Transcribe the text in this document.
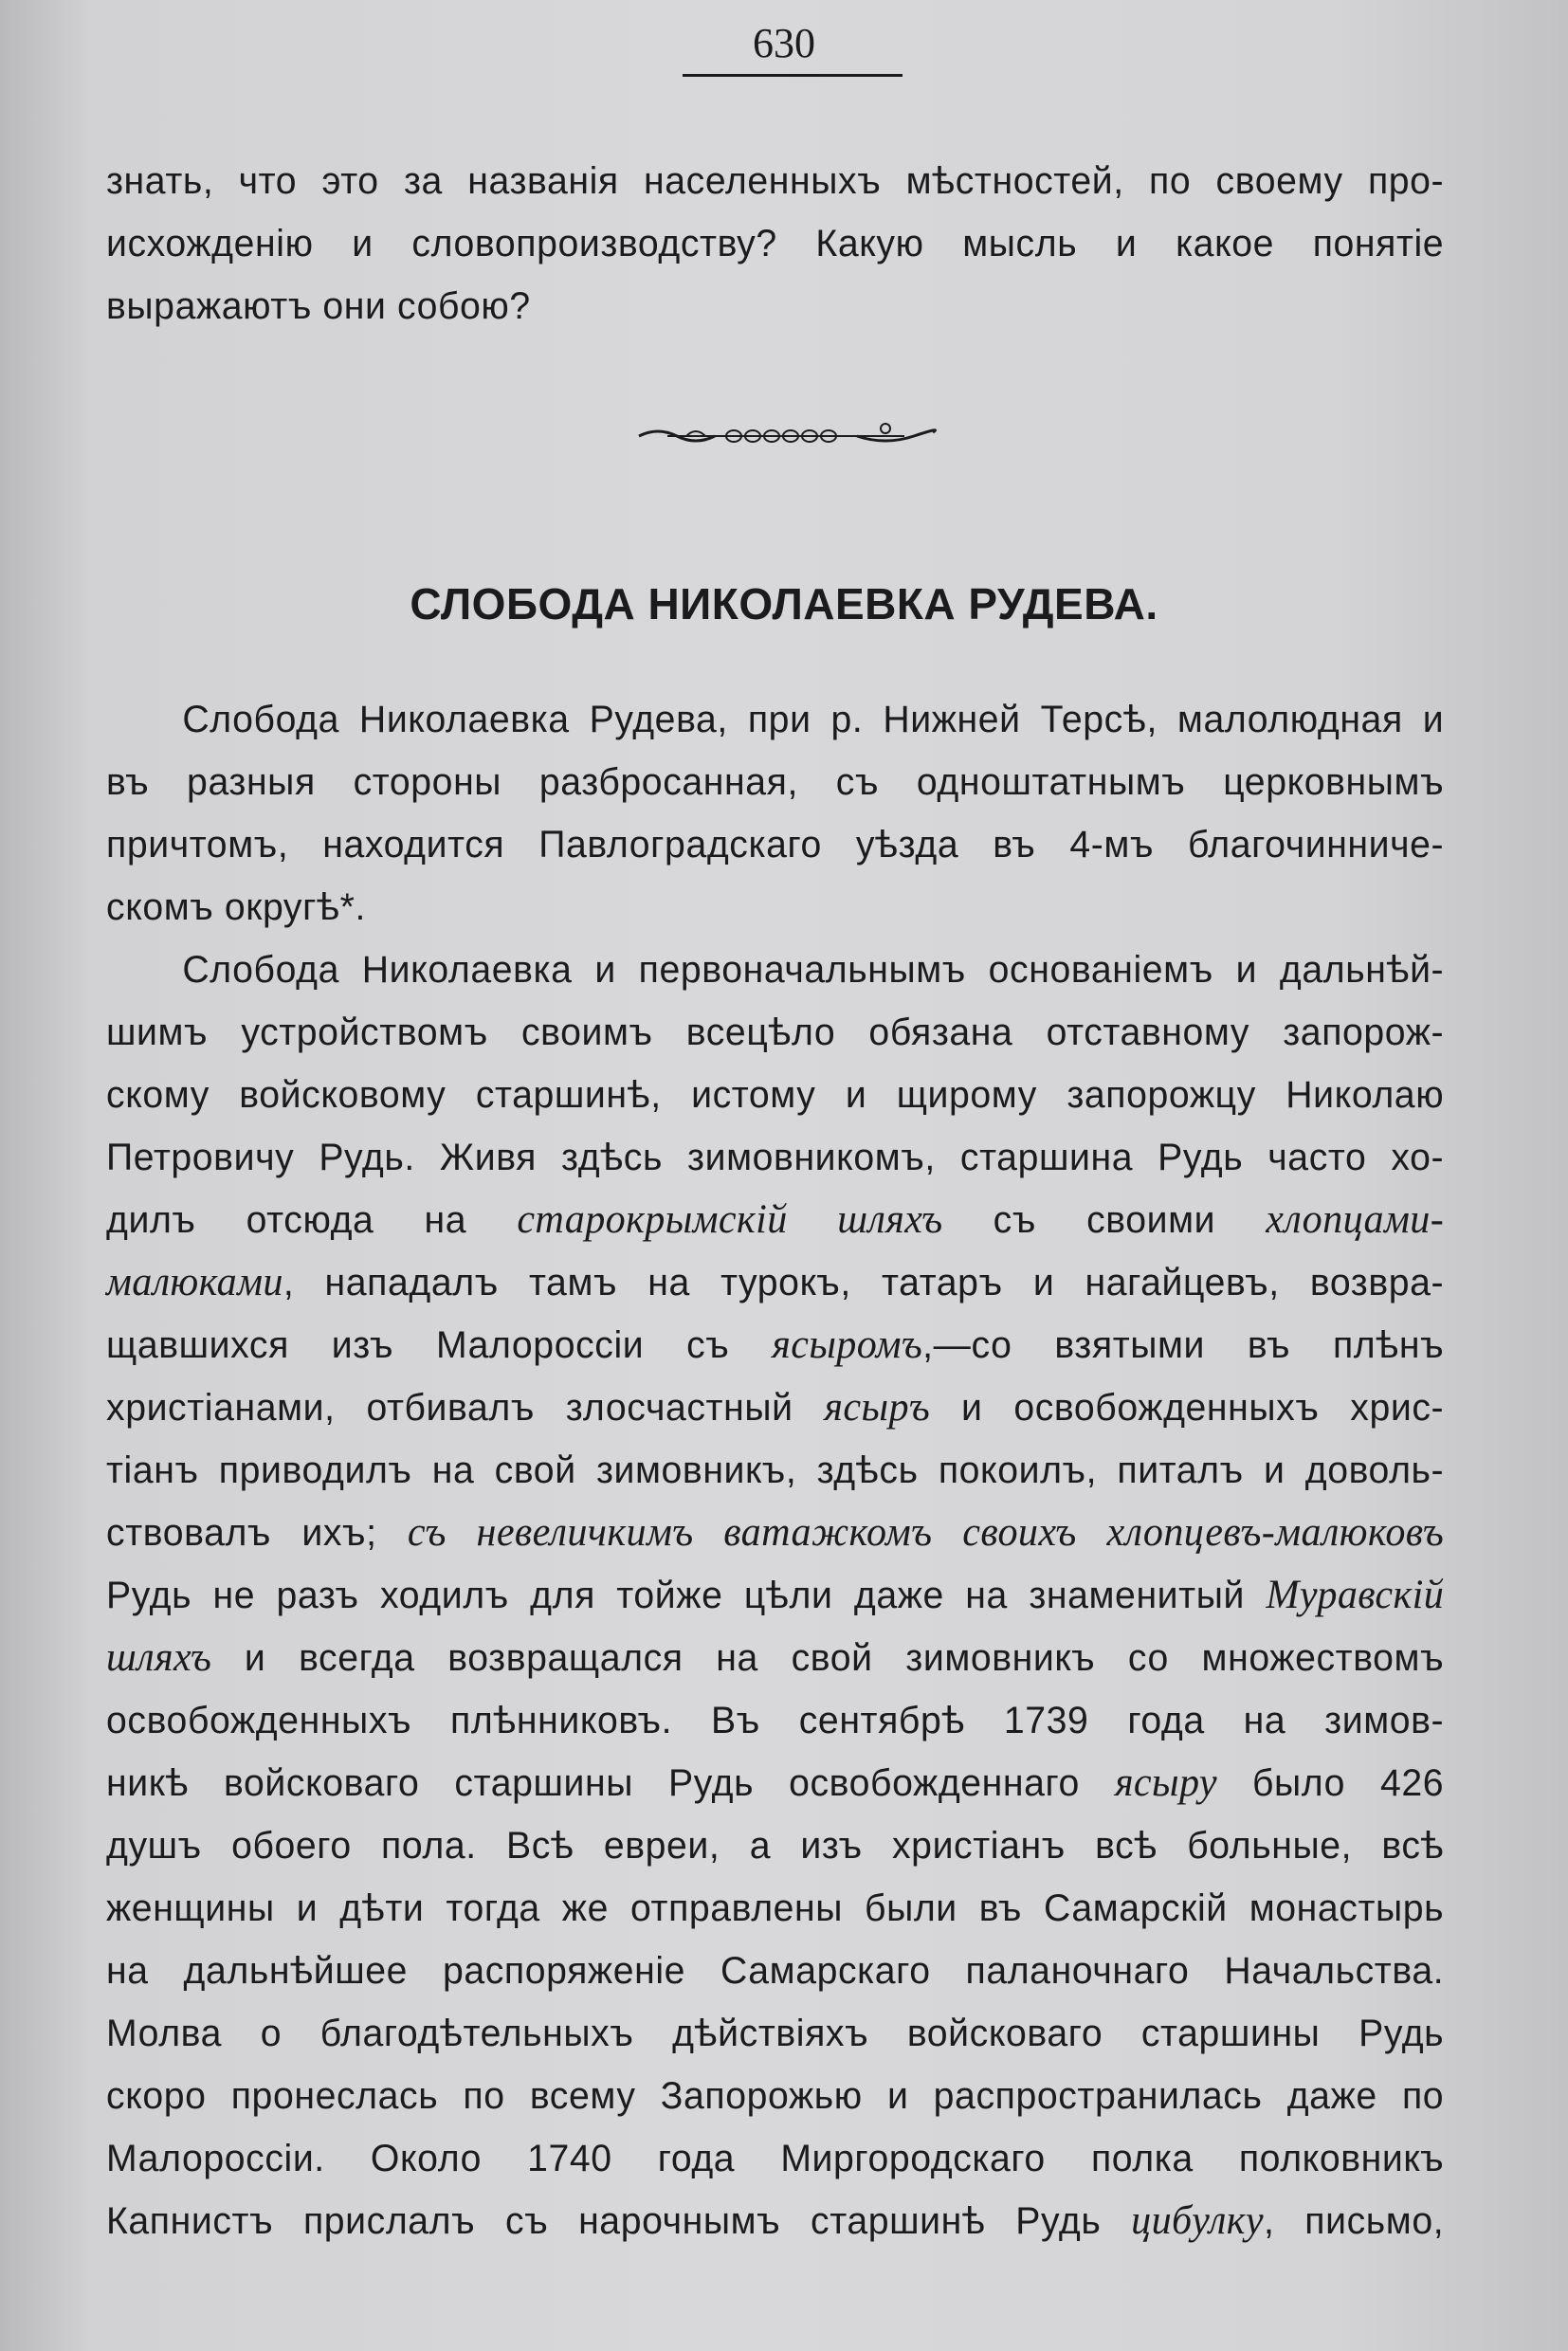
630
знать, что это за названія населенныхъ мѣстностей, по своему про-
исхожденію и словопроизводству? Какую мысль и какое понятіе
выражаютъ они собою?
СЛОБОДА НИКОЛАЕВКА РУДЕВА.
Слобода Николаевка Рудева, при р. Нижней Терсѣ, малолюдная и
въ разныя стороны разбросанная, съ одноштатнымъ церковнымъ
причтомъ, находится Павлоградскаго уѣзда въ 4-мъ благочинниче-
скомъ округѣ*.
Слобода Николаевка и первоначальнымъ основаніемъ и дальнѣй-
шимъ устройствомъ своимъ всецѣло обязана отставному запорож-
скому войсковому старшинѣ, истому и щирому запорожцу Николаю
Петровичу Рудь. Живя здѣсь зимовникомъ, старшина Рудь часто хо-
дилъ отсюда на старокрымскій шляхъ съ своими хлопцами-
малюками, нападалъ тамъ на турокъ, татаръ и нагайцевъ, возвра-
щавшихся изъ Малороссіи съ ясыромъ,—со взятыми въ плѣнъ
христіанами, отбивалъ злосчастный ясыръ и освобожденныхъ хрис-
тіанъ приводилъ на свой зимовникъ, здѣсь покоилъ, питалъ и доволь-
ствовалъ ихъ; съ невеличкимъ ватажкомъ своихъ хлопцевъ-малюковъ
Рудь не разъ ходилъ для тойже цѣли даже на знаменитый Муравскій
шляхъ и всегда возвращался на свой зимовникъ со множествомъ
освобожденныхъ плѣнниковъ. Въ сентябрѣ 1739 года на зимов-
никѣ войсковаго старшины Рудь освобожденнаго ясыру было 426
душъ обоего пола. Всѣ евреи, а изъ христіанъ всѣ больные, всѣ
женщины и дѣти тогда же отправлены были въ Самарскій монастырь
на дальнѣйшее распоряженіе Самарскаго паланочнаго Начальства.
Молва о благодѣтельныхъ дѣйствіяхъ войсковаго старшины Рудь
скоро пронеслась по всему Запорожью и распространилась даже по
Малороссіи. Около 1740 года Миргородскаго полка полковникъ
Капнистъ прислалъ съ нарочнымъ старшинѣ Рудь цибулку, письмо,
